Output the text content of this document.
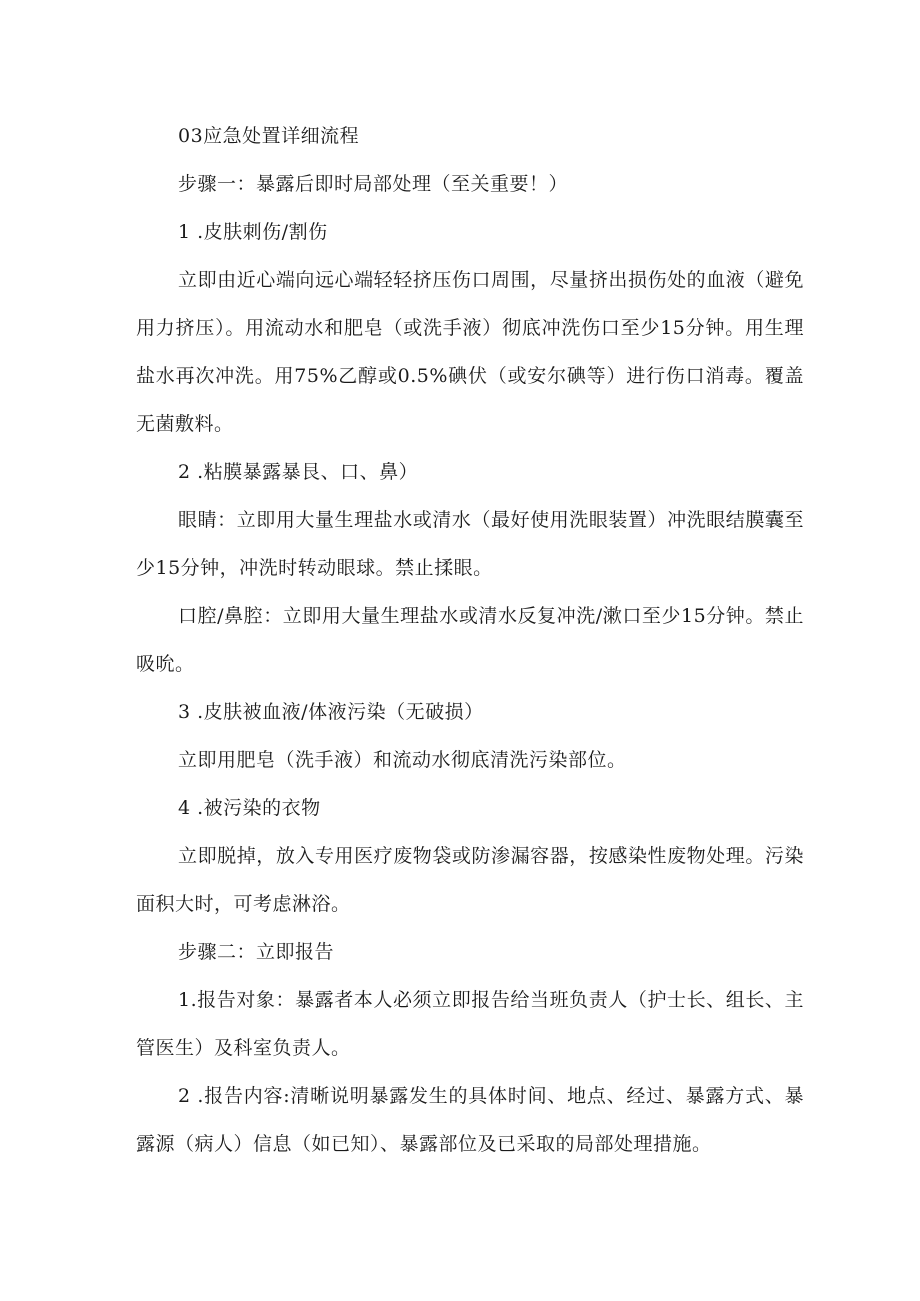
03应急处置详细流程

步骤一：暴露后即时局部处理（至关重要！）

1 .皮肤刺伤/割伤

立即由近心端向远心端轻轻挤压伤口周围，尽量挤出损伤处的血液（避免用力挤压）。用流动水和肥皂（或洗手液）彻底冲洗伤口至少15分钟。用生理盐水再次冲洗。用75%乙醇或0.5%碘伏（或安尔碘等）进行伤口消毒。覆盖无菌敷料。

2 .粘膜暴露暴艮、口、鼻）

眼睛：立即用大量生理盐水或清水（最好使用洗眼装置）冲洗眼结膜囊至少15分钟，冲洗时转动眼球。禁止揉眼。

口腔/鼻腔：立即用大量生理盐水或清水反复冲洗/漱口至少15分钟。禁止吸吮。

3 .皮肤被血液/体液污染（无破损）

立即用肥皂（洗手液）和流动水彻底清洗污染部位。

4 .被污染的衣物

立即脱掉，放入专用医疗废物袋或防渗漏容器，按感染性废物处理。污染面积大时，可考虑淋浴。

步骤二：立即报告

1.报告对象：暴露者本人必须立即报告给当班负责人（护士长、组长、主管医生）及科室负责人。

2 .报告内容:清晰说明暴露发生的具体时间、地点、经过、暴露方式、暴露源（病人）信息（如已知）、暴露部位及已采取的局部处理措施。
